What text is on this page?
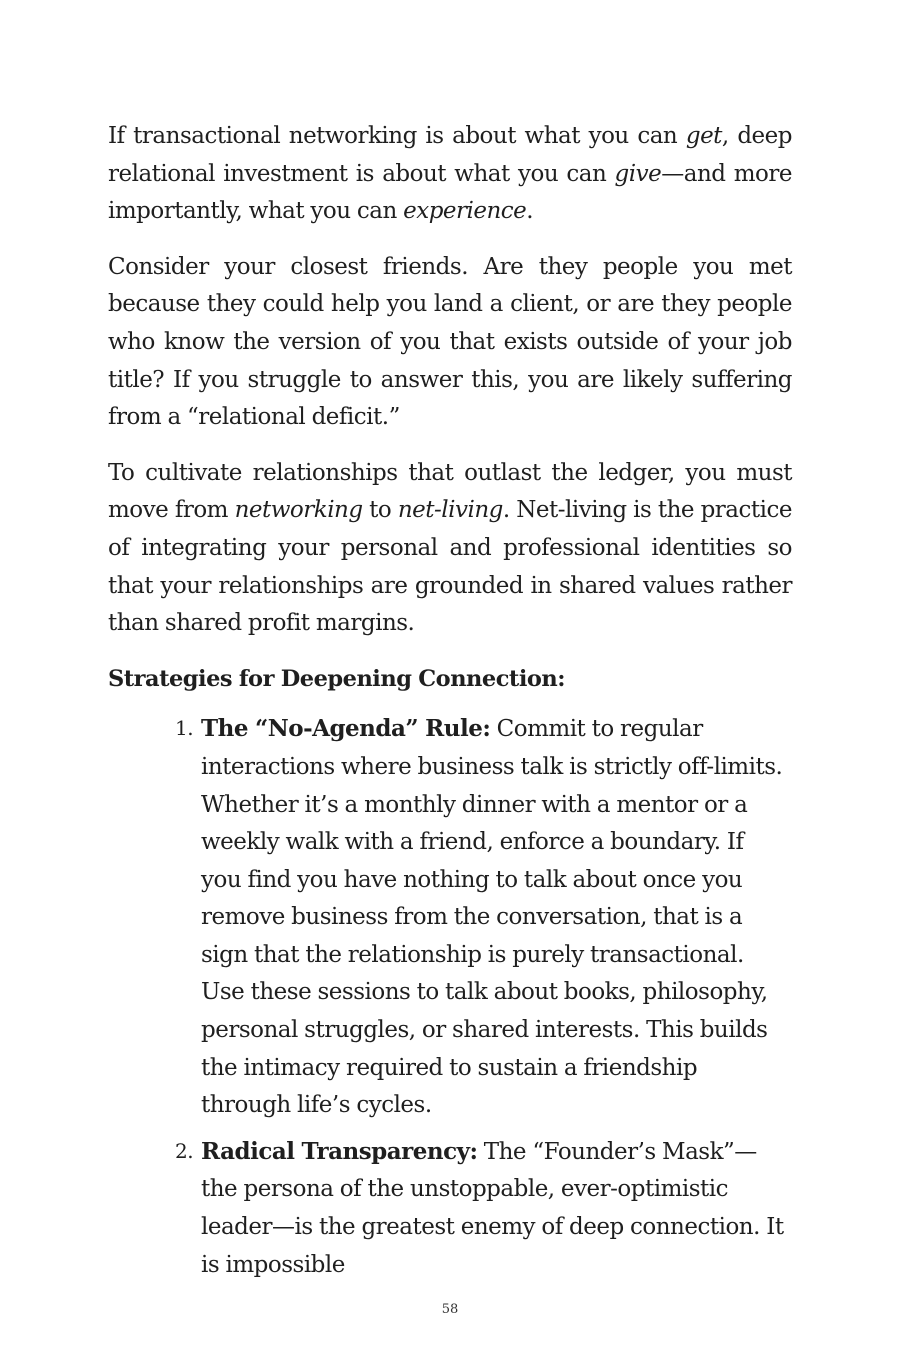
If transactional networking is about what you can get, deep relational investment is about what you can give—and more importantly, what you can experience.

Consider your closest friends. Are they people you met because they could help you land a client, or are they people who know the version of you that exists outside of your job title? If you struggle to answer this, you are likely suffering from a “relational deficit.”

To cultivate relationships that outlast the ledger, you must move from networking to net-living. Net-living is the practice of integrating your personal and professional identities so that your relationships are grounded in shared values rather than shared profit margins.

Strategies for Deepening Connection:

1. The “No-Agenda” Rule: Commit to regular interactions where business talk is strictly off-limits. Whether it’s a monthly dinner with a mentor or a weekly walk with a friend, enforce a boundary. If you find you have nothing to talk about once you remove business from the conversation, that is a sign that the relationship is purely transactional. Use these sessions to talk about books, philosophy, personal struggles, or shared interests. This builds the intimacy required to sustain a friendship through life’s cycles.
2. Radical Transparency: The “Founder’s Mask”—the persona of the unstoppable, ever-optimistic leader—is the greatest enemy of deep connection. It is impossible
58
